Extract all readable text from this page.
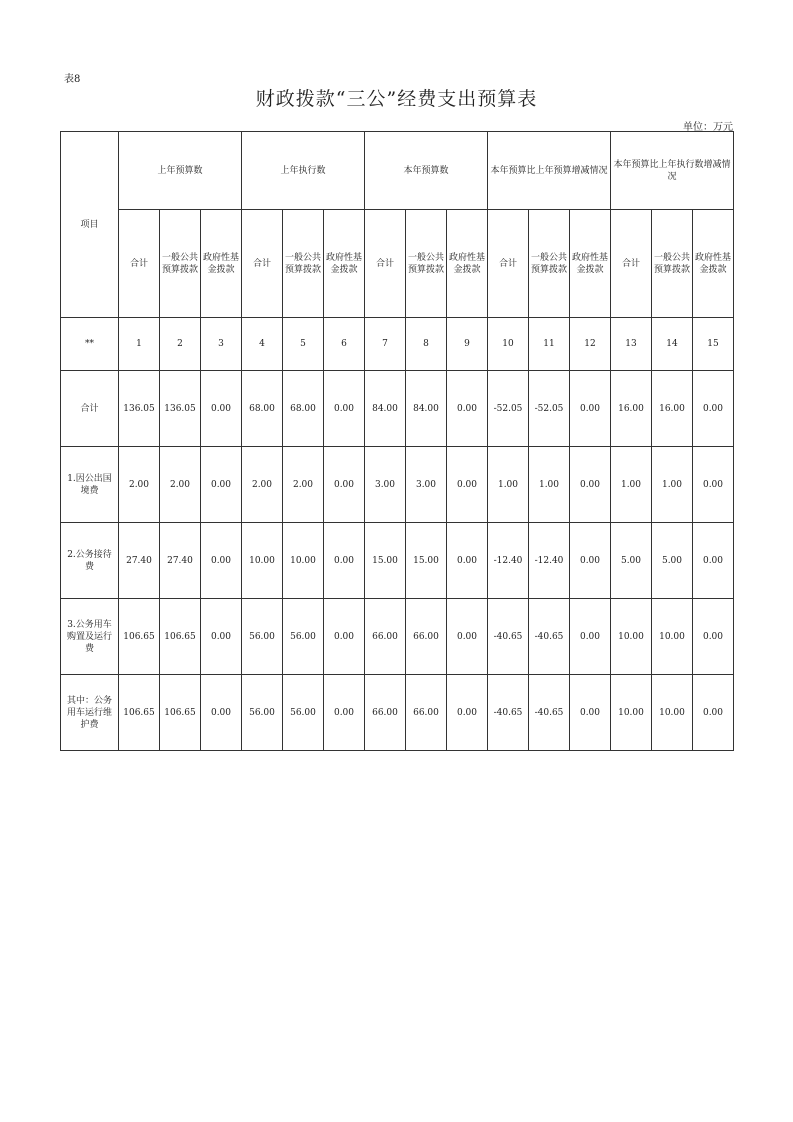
表8
财政拨款“三公”经费支出预算表
单位：万元
项目	上年预算数			上年执行数			本年预算数			本年预算比上年预算增减情况			本年预算比上年执行数增减情况		
	合计	一般公共预算拨款	政府性基金拨款	合计	一般公共预算拨款	政府性基金拨款	合计	一般公共预算拨款	政府性基金拨款	合计	一般公共预算拨款	政府性基金拨款	合计	一般公共预算拨款	政府性基金拨款
**	1	2	3	4	5	6	7	8	9	10	11	12	13	14	15
合计	136.05	136.05	0.00	68.00	68.00	0.00	84.00	84.00	0.00	-52.05	-52.05	0.00	16.00	16.00	0.00
1.因公出国境费	2.00	2.00	0.00	2.00	2.00	0.00	3.00	3.00	0.00	1.00	1.00	0.00	1.00	1.00	0.00
2.公务接待费	27.40	27.40	0.00	10.00	10.00	0.00	15.00	15.00	0.00	-12.40	-12.40	0.00	5.00	5.00	0.00
3.公务用车购置及运行费	106.65	106.65	0.00	56.00	56.00	0.00	66.00	66.00	0.00	-40.65	-40.65	0.00	10.00	10.00	0.00
其中：公务用车运行维护费	106.65	106.65	0.00	56.00	56.00	0.00	66.00	66.00	0.00	-40.65	-40.65	0.00	10.00	10.00	0.00
